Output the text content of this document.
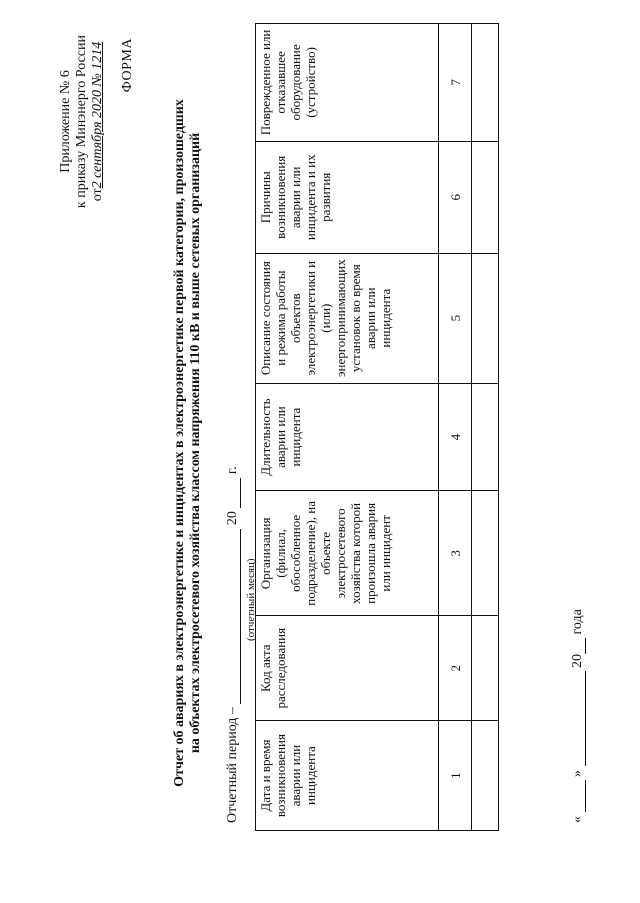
Приложение № 6 к приказу Минэнерго России от2 сентября 2020 № 1214 ФОРМА
Отчет об авариях в электроэнергетике и инцидентах в электроэнергетике первой категории, произошедших на объектах электросетевого хозяйства классом напряжения 110 кВ и выше сетевых организаций
Отчетный период –  20  г.
(отчетный месяц)
Дата и время возникновения аварии или инцидента	Код акта расследования	Организация (филиал, обособленное подразделение), на объекте электросетевого хозяйства которой произошла авария или инцидент	Длительность аварии или инцидента	Описание состояния и режима работы объектов электроэнергетики и (или) энергопринимающих установок во время аварии или инцидента	Причины возникновения аварии или инцидента и их развития	Поврежденное или отказавшее оборудование (устройство)
1	2	3	4	5	6	7

«  »  20 года
